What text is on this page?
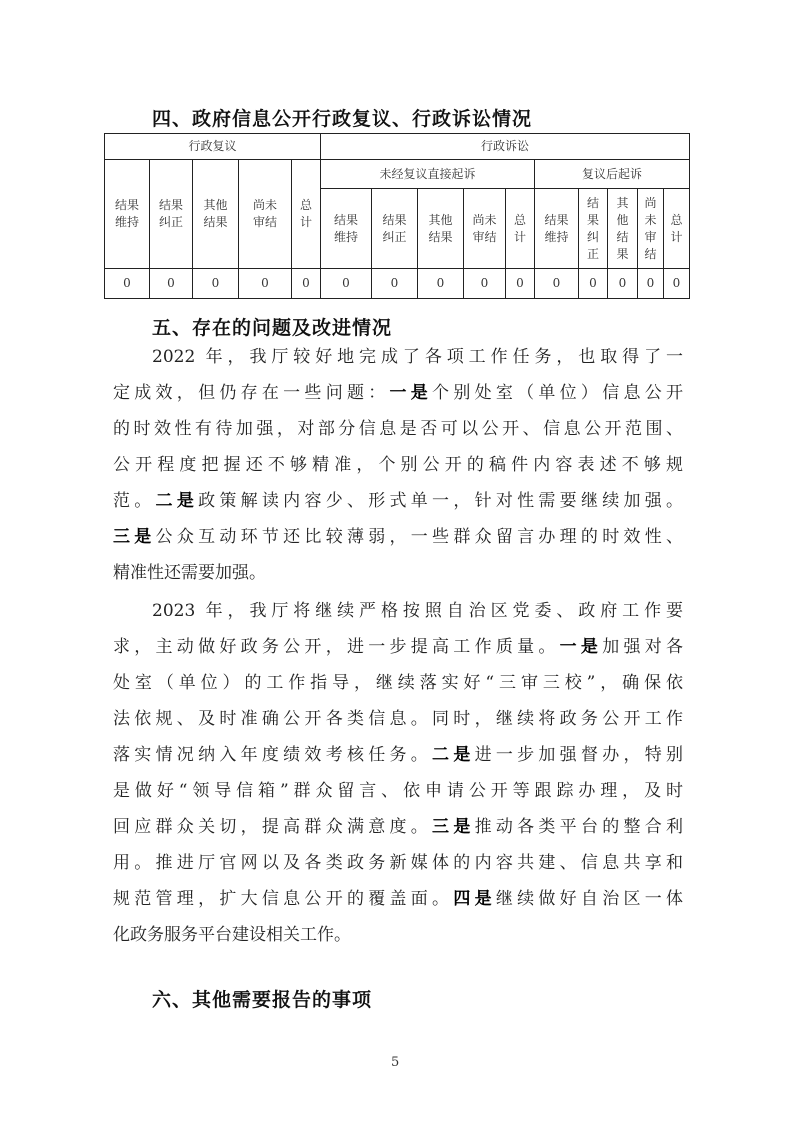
四、政府信息公开行政复议、行政诉讼情况
行政复议					行政诉讼									
结果维持	结果纠正	其他结果	尚未审结	总计	未经复议直接起诉					复议后起诉				
					结果维持	结果纠正	其他结果	尚未审结	总计	结果维持	结果纠正	其他结果	尚未审结	总计
0	0	0	0	0	0	0	0	0	0	0	0	0	0	0
五、存在的问题及改进情况
2022 年，我厅较好地完成了各项工作任务，也取得了一
定成效，但仍存在一些问题：一是个别处室（单位）信息公开
的时效性有待加强，对部分信息是否可以公开、信息公开范围、
公开程度把握还不够精准，个别公开的稿件内容表述不够规
范。二是政策解读内容少、形式单一，针对性需要继续加强。
三是公众互动环节还比较薄弱，一些群众留言办理的时效性、
精准性还需要加强。
2023 年，我厅将继续严格按照自治区党委、政府工作要
求，主动做好政务公开，进一步提高工作质量。一是加强对各
处室（单位）的工作指导，继续落实好“三审三校”，确保依
法依规、及时准确公开各类信息。同时，继续将政务公开工作
落实情况纳入年度绩效考核任务。二是进一步加强督办，特别
是做好“领导信箱”群众留言、依申请公开等跟踪办理，及时
回应群众关切，提高群众满意度。三是推动各类平台的整合利
用。推进厅官网以及各类政务新媒体的内容共建、信息共享和
规范管理，扩大信息公开的覆盖面。四是继续做好自治区一体
化政务服务平台建设相关工作。
六、其他需要报告的事项
5
